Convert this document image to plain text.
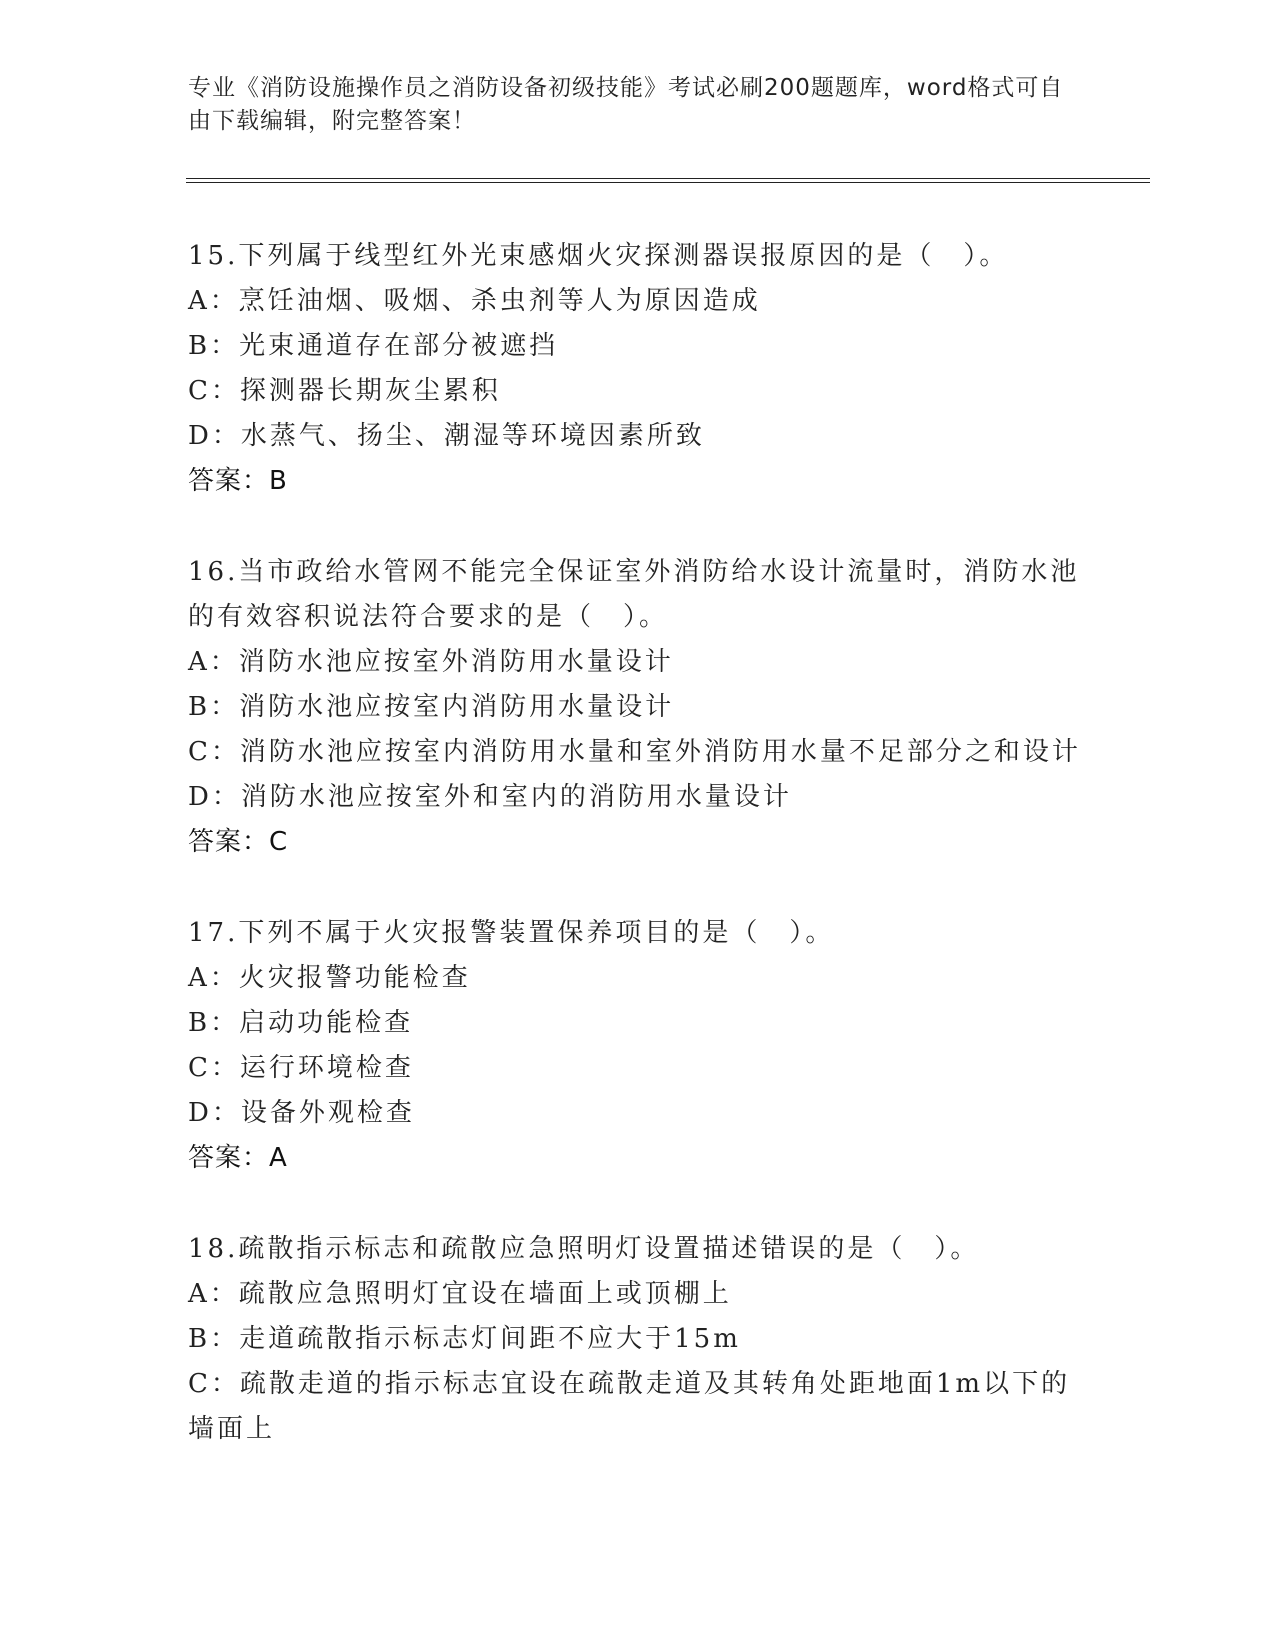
专业《消防设施操作员之消防设备初级技能》考试必刷200题题库，word格式可自由下载编辑，附完整答案！
15.下列属于线型红外光束感烟火灾探测器误报原因的是（　）。
A：烹饪油烟、吸烟、杀虫剂等人为原因造成
B：光束通道存在部分被遮挡
C：探测器长期灰尘累积
D：水蒸气、扬尘、潮湿等环境因素所致
答案：B
16.当市政给水管网不能完全保证室外消防给水设计流量时，消防水池的有效容积说法符合要求的是（　）。
A：消防水池应按室外消防用水量设计
B：消防水池应按室内消防用水量设计
C：消防水池应按室内消防用水量和室外消防用水量不足部分之和设计
D：消防水池应按室外和室内的消防用水量设计
答案：C
17.下列不属于火灾报警装置保养项目的是（　）。
A：火灾报警功能检查
B：启动功能检查
C：运行环境检查
D：设备外观检查
答案：A
18.疏散指示标志和疏散应急照明灯设置描述错误的是（　）。
A：疏散应急照明灯宜设在墙面上或顶棚上
B：走道疏散指示标志灯间距不应大于15m
C：疏散走道的指示标志宜设在疏散走道及其转角处距地面1m以下的墙面上
